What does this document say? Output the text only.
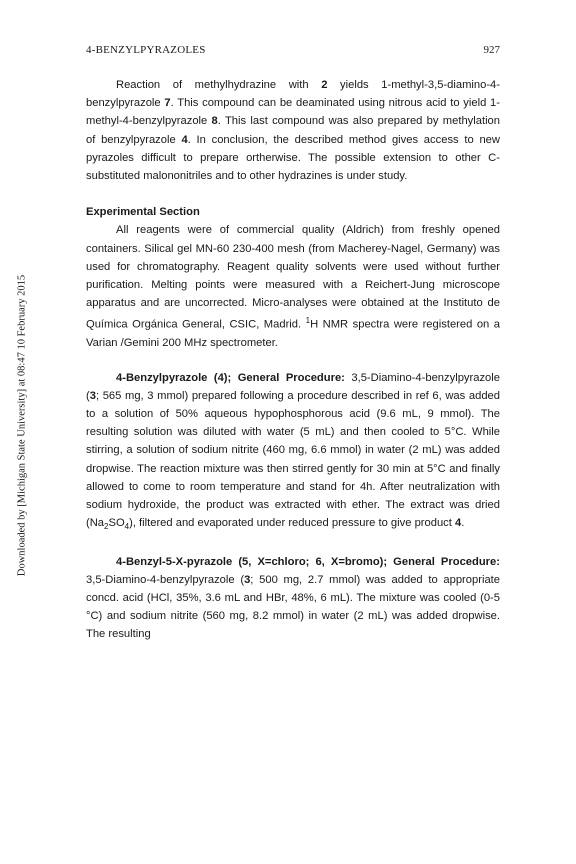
4-BENZYLPYRAZOLES	927
Downloaded by [Michigan State University] at 08:47 10 February 2015

Reaction of methylhydrazine with 2 yields 1-methyl-3,5-diamino-4-benzylpyrazole 7. This compound can be deaminated using nitrous acid to yield 1-methyl-4-benzylpyrazole 8. This last compound was also prepared by methylation of benzylpyrazole 4. In conclusion, the described method gives access to new pyrazoles difficult to prepare ortherwise. The possible extension to other C-substituted malononitriles and to other hydrazines is under study.

Experimental Section

All reagents were of commercial quality (Aldrich) from freshly opened containers. Silical gel MN-60 230-400 mesh (from Macherey-Nagel, Germany) was used for chromatography. Reagent quality solvents were used without further purification. Melting points were measured with a Reichert-Jung microscope apparatus and are uncorrected. Micro-analyses were obtained at the Instituto de Química Orgánica General, CSIC, Madrid. $^1$H NMR spectra were registered on a Varian /Gemini 200 MHz spectrometer.

4-Benzylpyrazole (4); General Procedure: 3,5-Diamino-4-benzylpyrazole (3; 565 mg, 3 mmol) prepared following a procedure described in ref 6, was added to a solution of 50% aqueous hypophosphorous acid (9.6 mL, 9 mmol). The resulting solution was diluted with water (5 mL) and then cooled to 5°C. While stirring, a solution of sodium nitrite (460 mg, 6.6 mmol) in water (2 mL) was added dropwise. The reaction mixture was then stirred gently for 30 min at 5°C and finally allowed to come to room temperature and stand for 4h. After neutralization with sodium hydroxide, the product was extracted with ether. The extract was dried $(Na_2SO_4)$, filtered and evaporated under reduced pressure to give product 4.

4-Benzyl-5-X-pyrazole (5, X=chloro; 6, X=bromo); General Procedure: 3,5-Diamino-4-benzylpyrazole (3; 500 mg, 2.7 mmol) was added to appropriate concd. acid (HCl, 35%, 3.6 mL and HBr, 48%, 6 mL). The mixture was cooled (0-5 °C) and sodium nitrite (560 mg, 8.2 mmol) in water (2 mL) was added dropwise. The resulting
